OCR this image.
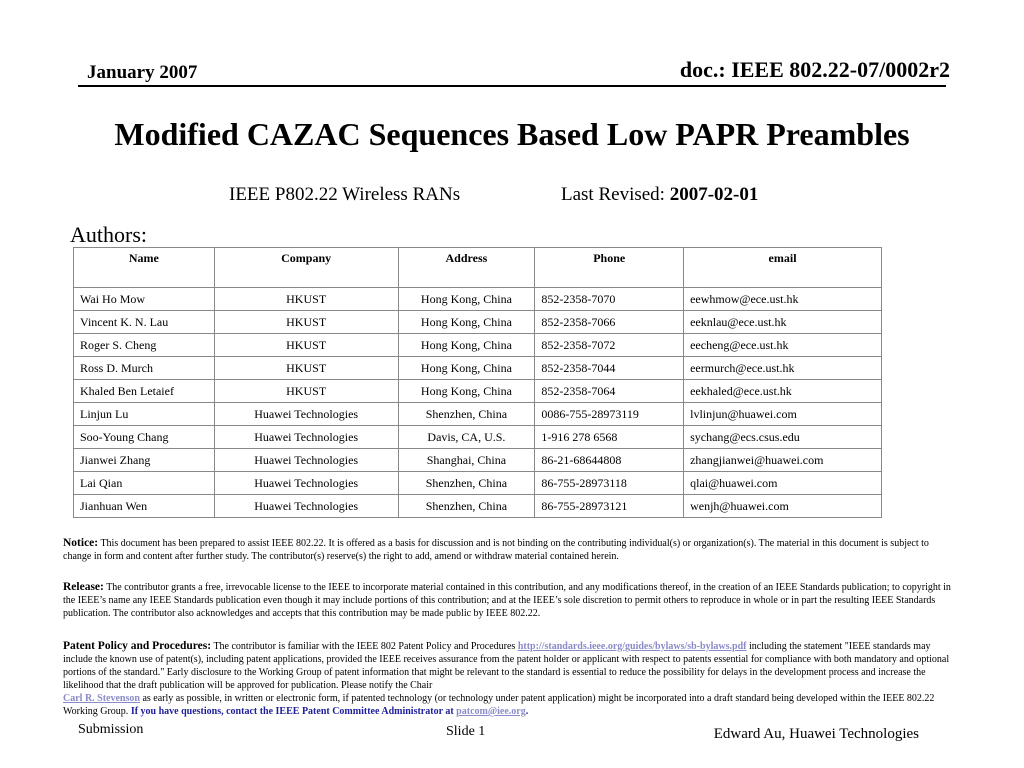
January 2007	doc.: IEEE 802.22-07/0002r2
Modified CAZAC Sequences Based Low PAPR Preambles
IEEE P802.22 Wireless RANs	Last Revised: 2007-02-01
Authors:
Name	Company	Address	Phone	email
Wai Ho Mow	HKUST	Hong Kong, China	852-2358-7070	eewhmow@ece.ust.hk
Vincent K. N. Lau	HKUST	Hong Kong, China	852-2358-7066	eeknlau@ece.ust.hk
Roger S. Cheng	HKUST	Hong Kong, China	852-2358-7072	eecheng@ece.ust.hk
Ross D. Murch	HKUST	Hong Kong, China	852-2358-7044	eermurch@ece.ust.hk
Khaled Ben Letaief	HKUST	Hong Kong, China	852-2358-7064	eekhaled@ece.ust.hk
Linjun Lu	Huawei Technologies	Shenzhen, China	0086-755-28973119	lvlinjun@huawei.com
Soo-Young Chang	Huawei Technologies	Davis, CA, U.S.	1-916 278 6568	sychang@ecs.csus.edu
Jianwei Zhang	Huawei Technologies	Shanghai, China	86-21-68644808	zhangjianwei@huawei.com
Lai Qian	Huawei Technologies	Shenzhen, China	86-755-28973118	qlai@huawei.com
Jianhuan Wen	Huawei Technologies	Shenzhen, China	86-755-28973121	wenjh@huawei.com
Notice: This document has been prepared to assist IEEE 802.22. It is offered as a basis for discussion and is not binding on the contributing individual(s) or organization(s). The material in this document is subject to change in form and content after further study. The contributor(s) reserve(s) the right to add, amend or withdraw material contained herein.
Release: The contributor grants a free, irrevocable license to the IEEE to incorporate material contained in this contribution, and any modifications thereof, in the creation of an IEEE Standards publication; to copyright in the IEEE’s name any IEEE Standards publication even though it may include portions of this contribution; and at the IEEE’s sole discretion to permit others to reproduce in whole or in part the resulting IEEE Standards publication. The contributor also acknowledges and accepts that this contribution may be made public by IEEE 802.22.
Patent Policy and Procedures: The contributor is familiar with the IEEE 802 Patent Policy and Procedures http://standards.ieee.org/guides/bylaws/sb-bylaws.pdf including the statement "IEEE standards may include the known use of patent(s), including patent applications, provided the IEEE receives assurance from the patent holder or applicant with respect to patents essential for compliance with both mandatory and optional portions of the standard." Early disclosure to the Working Group of patent information that might be relevant to the standard is essential to reduce the possibility for delays in the development process and increase the likelihood that the draft publication will be approved for publication. Please notify the Chair
Carl R. Stevenson as early as possible, in written or electronic form, if patented technology (or technology under patent application) might be incorporated into a draft standard being developed within the IEEE 802.22 Working Group. If you have questions, contact the IEEE Patent Committee Administrator at patcom@iee.org.
Submission	Slide 1	Edward Au, Huawei Technologies
